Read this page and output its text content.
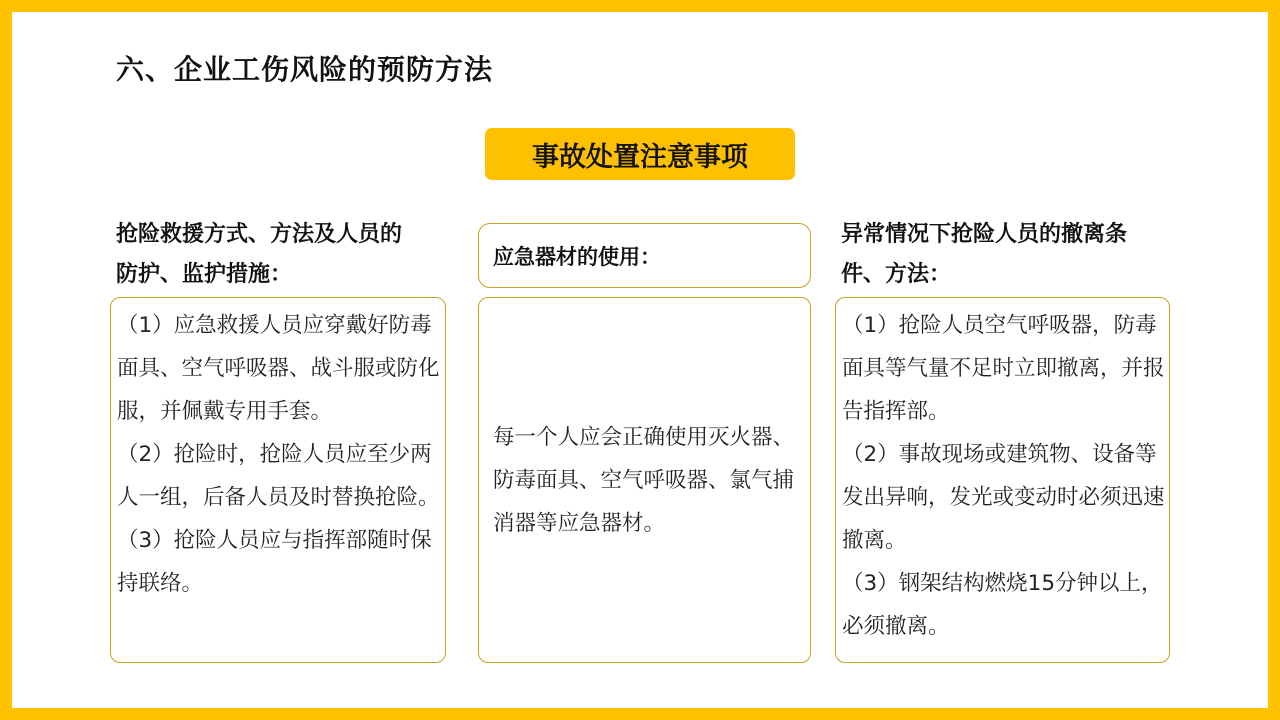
六、企业工伤风险的预防方法
事故处置注意事项
抢险救援方式、方法及人员的
防护、监护措施：

（1）应急救援人员应穿戴好防毒面具、空气呼吸器、战斗服或防化服，并佩戴专用手套。

（2）抢险时，抢险人员应至少两人一组，后备人员及时替换抢险。

（3）抢险人员应与指挥部随时保持联络。

应急器材的使用：

每一个人应会正确使用灭火器、防毒面具、空气呼吸器、氯气捕消器等应急器材。

异常情况下抢险人员的撤离条
件、方法：

（1）抢险人员空气呼吸器，防毒面具等气量不足时立即撤离，并报告指挥部。

（2）事故现场或建筑物、设备等发出异响，发光或变动时必须迅速撤离。

（3）钢架结构燃烧15分钟以上，必须撤离。
